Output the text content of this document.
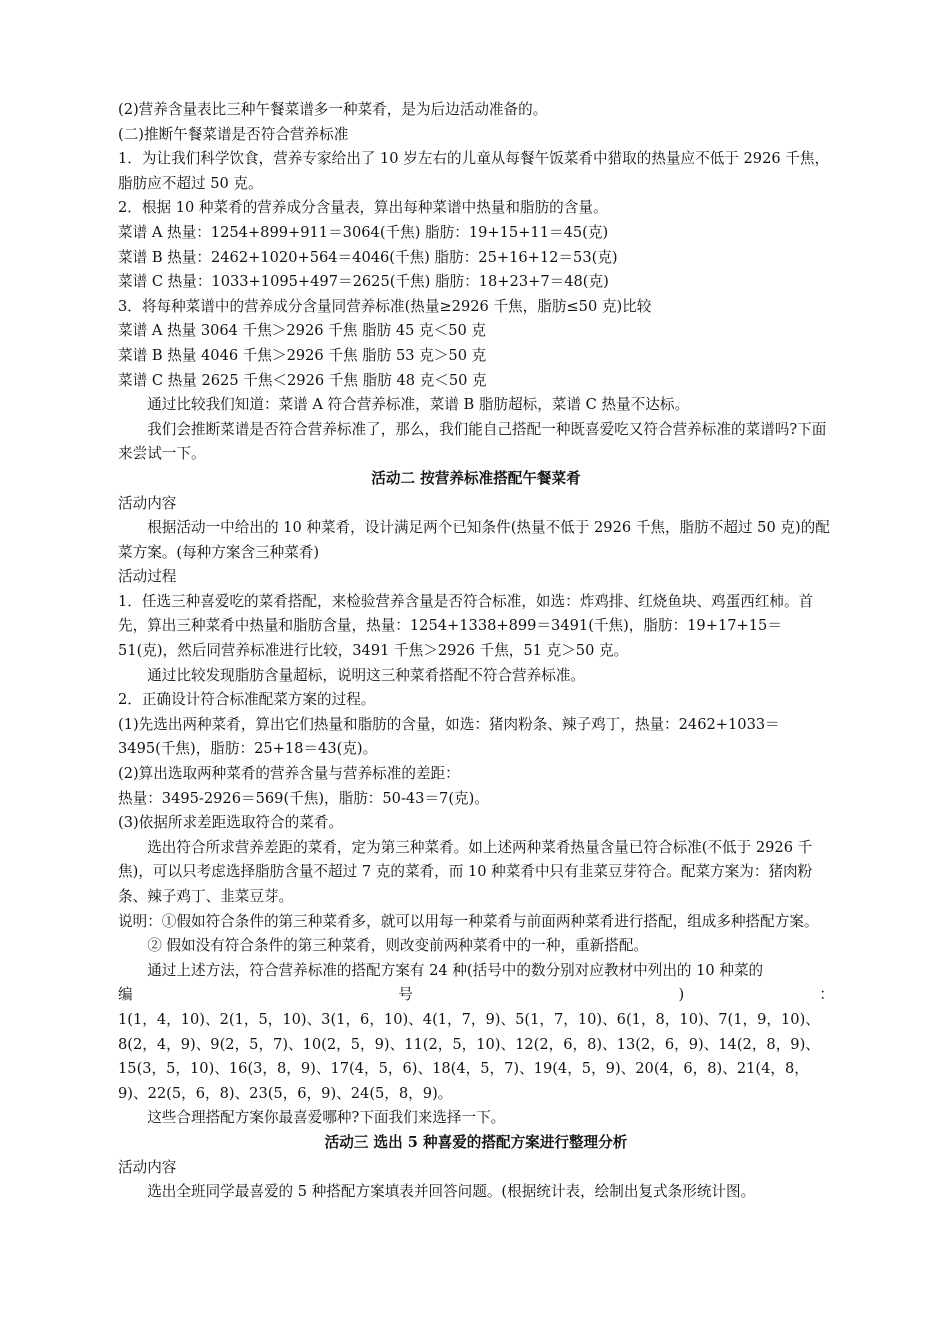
(2)营养含量表比三种午餐菜谱多一种菜肴，是为后边活动准备的。

(二)推断午餐菜谱是否符合营养标准

1．为让我们科学饮食，营养专家给出了 10 岁左右的儿童从每餐午饭菜肴中猎取的热量应不低于 2926 千焦，脂肪应不超过 50 克。

2．根据 10 种菜肴的营养成分含量表，算出每种菜谱中热量和脂肪的含量。

菜谱 A 热量：1254+899+911＝3064(千焦) 脂肪：19+15+11＝45(克)

菜谱 B 热量：2462+1020+564＝4046(千焦) 脂肪：25+16+12＝53(克)

菜谱 C 热量：1033+1095+497＝2625(千焦) 脂肪：18+23+7＝48(克)

3．将每种菜谱中的营养成分含量同营养标准(热量≥2926 千焦，脂肪≤50 克)比较

菜谱 A 热量 3064 千焦＞2926 千焦 脂肪 45 克＜50 克

菜谱 B 热量 4046 千焦＞2926 千焦 脂肪 53 克＞50 克

菜谱 C 热量 2625 千焦＜2926 千焦 脂肪 48 克＜50 克

通过比较我们知道：菜谱 A 符合营养标准，菜谱 B 脂肪超标，菜谱 C 热量不达标。

我们会推断菜谱是否符合营养标准了，那么，我们能自己搭配一种既喜爱吃又符合营养标准的菜谱吗?下面来尝试一下。

活动二 按营养标准搭配午餐菜肴

活动内容

根据活动一中给出的 10 种菜肴，设计满足两个已知条件(热量不低于 2926 千焦，脂肪不超过 50 克)的配菜方案。(每种方案含三种菜肴)

活动过程

1．任选三种喜爱吃的菜肴搭配，来检验营养含量是否符合标准，如选：炸鸡排、红烧鱼块、鸡蛋西红柿。首先，算出三种菜肴中热量和脂肪含量，热量：1254+1338+899＝3491(千焦)，脂肪：19+17+15＝51(克)，然后同营养标准进行比较，3491 千焦＞2926 千焦，51 克＞50 克。

通过比较发现脂肪含量超标，说明这三种菜肴搭配不符合营养标准。

2．正确设计符合标准配菜方案的过程。

(1)先选出两种菜肴，算出它们热量和脂肪的含量，如选：猪肉粉条、辣子鸡丁，热量：2462+1033＝3495(千焦)，脂肪：25+18＝43(克)。

(2)算出选取两种菜肴的营养含量与营养标准的差距：

热量：3495-2926＝569(千焦)，脂肪：50-43＝7(克)。

(3)依据所求差距选取符合的菜肴。

选出符合所求营养差距的菜肴，定为第三种菜肴。如上述两种菜肴热量含量已符合标准(不低于 2926 千焦)，可以只考虑选择脂肪含量不超过 7 克的菜肴，而 10 种菜肴中只有韭菜豆芽符合。配菜方案为：猪肉粉条、辣子鸡丁、韭菜豆芽。

说明：①假如符合条件的第三种菜肴多，就可以用每一种菜肴与前面两种菜肴进行搭配，组成多种搭配方案。

② 假如没有符合条件的第三种菜肴，则改变前两种菜肴中的一种，重新搭配。

通过上述方法，符合营养标准的搭配方案有 24 种(括号中的数分别对应教材中列出的 10 种菜的

编 号 ) ：

1(1，4，10)、2(1，5，10)、3(1，6，10)、4(1，7，9)、5(1，7，10)、6(1，8，10)、7(1，9，10)、8(2，4，9)、9(2，5，7)、10(2，5，9)、11(2，5，10)、12(2，6，8)、13(2，6，9)、14(2，8，9)、15(3，5，10)、16(3，8，9)、17(4，5，6)、18(4，5，7)、19(4，5，9)、20(4，6，8)、21(4，8，9)、22(5，6，8)、23(5，6，9)、24(5，8，9)。

这些合理搭配方案你最喜爱哪种?下面我们来选择一下。

活动三 选出 5 种喜爱的搭配方案进行整理分析

活动内容

选出全班同学最喜爱的 5 种搭配方案填表并回答问题。(根据统计表，绘制出复式条形统计图。
